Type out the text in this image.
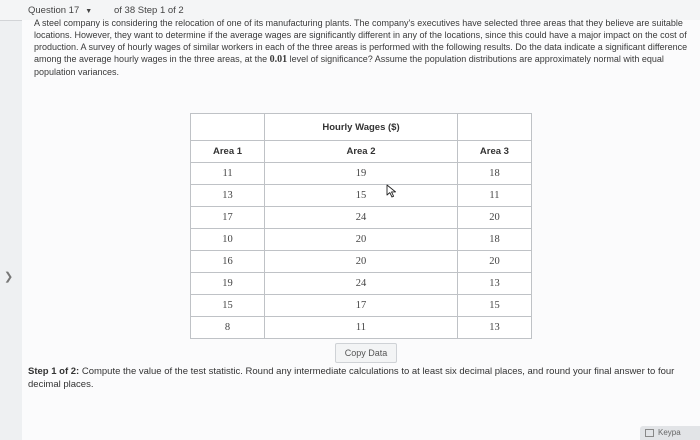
Question 17 ▼ of 38 Step 1 of 2
❯
A steel company is considering the relocation of one of its manufacturing plants. The company's executives have selected three areas that they believe are suitable locations. However, they want to determine if the average wages are significantly different in any of the locations, since this could have a major impact on the cost of production. A survey of hourly wages of similar workers in each of the three areas is performed with the following results. Do the data indicate a significant difference among the average hourly wages in the three areas, at the 0.01 level of significance? Assume the population distributions are approximately normal with equal population variances.
	Hourly Wages ($)	
Area 1	Area 2	Area 3
11	19	18
13	15	11
17	24	20
10	20	18
16	20	20
19	24	13
15	17	15
8	11	13
Copy Data
Step 1 of 2: Compute the value of the test statistic. Round any intermediate calculations to at least six decimal places, and round your final answer to four decimal places.
Keypa
